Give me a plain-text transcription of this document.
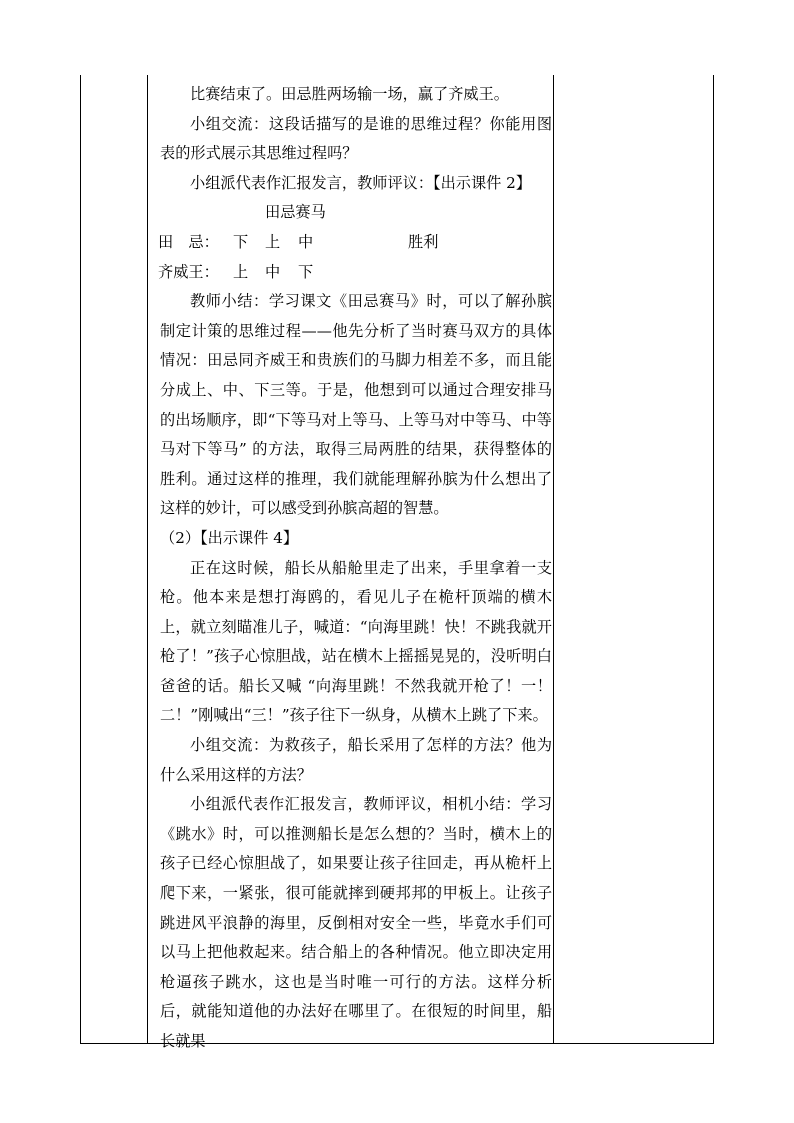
比赛结束了。田忌胜两场输一场，赢了齐威王。

小组交流：这段话描写的是谁的思维过程？你能用图表的形式展示其思维过程吗？

小组派代表作汇报发言，教师评议：【出示课件 2】

田忌赛马
田　忌： 下 上 中	胜利
齐威王： 上 中 下

教师小结：学习课文《田忌赛马》时，可以了解孙膑制定计策的思维过程——他先分析了当时赛马双方的具体情况：田忌同齐威王和贵族们的马脚力相差不多，而且能分成上、中、下三等。于是，他想到可以通过合理安排马的出场顺序，即“下等马对上等马、上等马对中等马、中等马对下等马” 的方法，取得三局两胜的结果，获得整体的胜利。通过这样的推理，我们就能理解孙膑为什么想出了这样的妙计，可以感受到孙膑高超的智慧。

（2）【出示课件 4】

正在这时候，船长从船舱里走了出来，手里拿着一支枪。他本来是想打海鸥的，看见儿子在桅杆顶端的横木上，就立刻瞄准儿子，喊道：“向海里跳！快！不跳我就开枪了！”孩子心惊胆战，站在横木上摇摇晃晃的，没听明白爸爸的话。船长又喊 “向海里跳！不然我就开枪了！一！二！”刚喊出“三！”孩子往下一纵身，从横木上跳了下来。

小组交流：为救孩子，船长采用了怎样的方法？他为什么采用这样的方法？

小组派代表作汇报发言，教师评议，相机小结：学习《跳水》时，可以推测船长是怎么想的？当时，横木上的孩子已经心惊胆战了，如果要让孩子往回走，再从桅杆上爬下来，一紧张，很可能就摔到硬邦邦的甲板上。让孩子跳进风平浪静的海里，反倒相对安全一些，毕竟水手们可以马上把他救起来。结合船上的各种情况。他立即决定用枪逼孩子跳水，这也是当时唯一可行的方法。这样分析后，就能知道他的办法好在哪里了。在很短的时间里，船长就果
